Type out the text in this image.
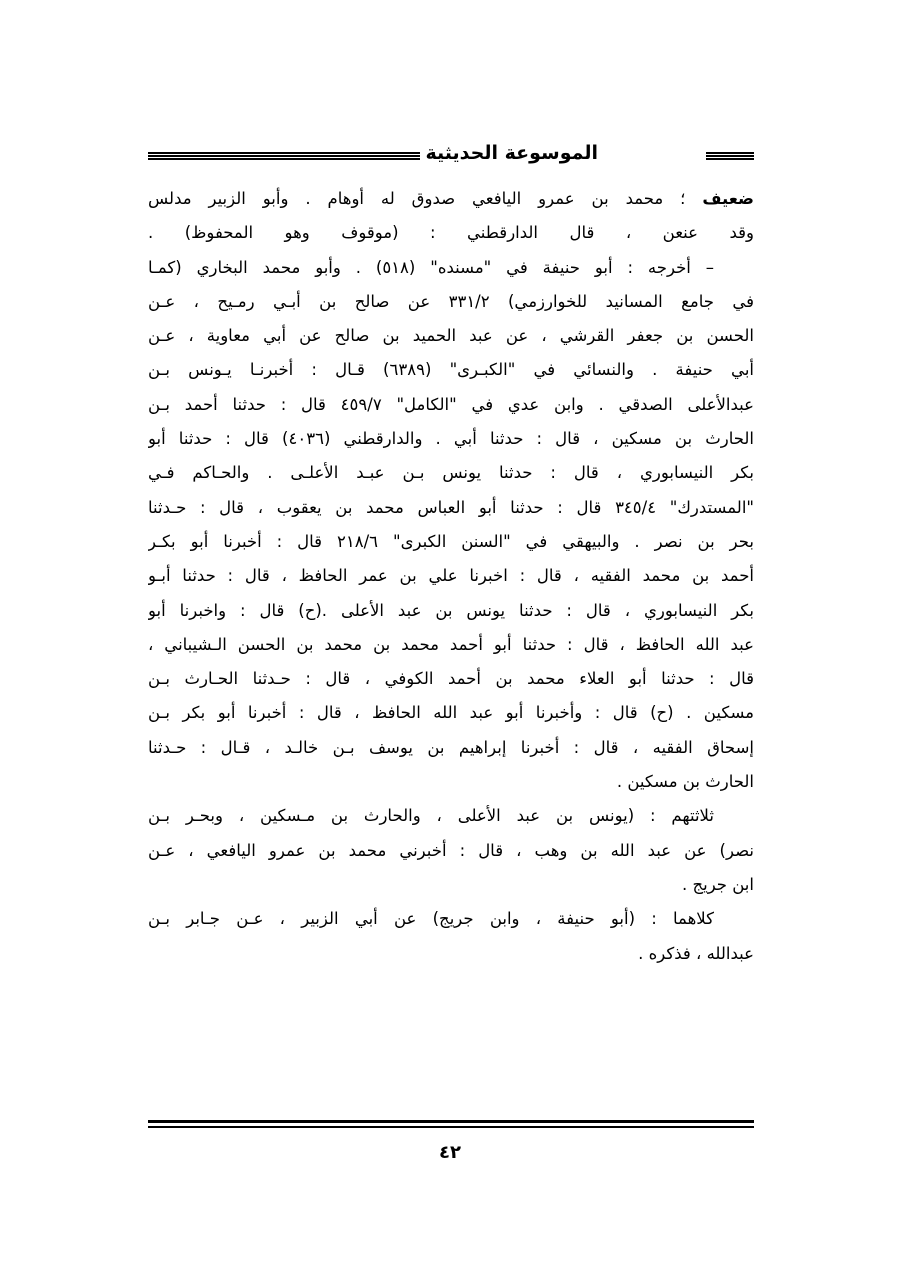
الموسوعة الحديثية
ضعيف ؛ محمد بن عمرو اليافعي صدوق له أوهام . وأبو الزبير مدلس
وقد عنعن ، قال الدارقطني : (موقوف وهو المحفوظ) .
– أخرجه : أبو حنيفة في "مسنده" (٥١٨) . وأبو محمد البخاري (كمـا
في جامع المسانيد للخوارزمي) ٣٣١/٢ عن صالح بن أبـي رمـيح ، عـن
الحسن بن جعفر القرشي ، عن عبد الحميد بن صالح عن أبي معاوية ، عـن
أبي حنيفة . والنسائي في "الكبـرى" (٦٣٨٩) قـال : أخبرنـا يـونس بـن
عبدالأعلى الصدقي . وابن عدي في "الكامل" ٤٥٩/٧ قال : حدثنا أحمد بـن
الحارث بن مسكين ، قال : حدثنا أبي . والدارقطني (٤٠٣٦) قال : حدثنا أبو
بكر النيسابوري ، قال : حدثنا يونس بـن عبـد الأعلـى . والحـاكم فـي
"المستدرك" ٣٤٥/٤ قال : حدثنا أبو العباس محمد بن يعقوب ، قال : حـدثنا
بحر بن نصر . والبيهقي في "السنن الكبرى" ٢١٨/٦ قال : أخبرنا أبو بكـر
أحمد بن محمد الفقيه ، قال : اخبرنا علي بن عمر الحافظ ، قال : حدثنا أبـو
بكر النيسابوري ، قال : حدثنا يونس بن عبد الأعلى .(ح) قال : واخبرنا أبو
عبد الله الحافظ ، قال : حدثنا أبو أحمد محمد بن محمد بن الحسن الـشيباني ،
قال : حدثنا أبو العلاء محمد بن أحمد الكوفي ، قال : حـدثنا الحـارث بـن
مسكين . (ح) قال : وأخبرنا أبو عبد الله الحافظ ، قال : أخبرنا أبو بكر بـن
إسحاق الفقيه ، قال : أخبرنا إبراهيم بن يوسف بـن خالـد ، قـال : حـدثنا
الحارث بن مسكين .
ثلاثتهم : (يونس بن عبد الأعلى ، والحارث بن مـسكين ، وبحـر بـن
نصر) عن عبد الله بن وهب ، قال : أخبرني محمد بن عمرو اليافعي ، عـن
ابن جريج .
كلاهما : (أبو حنيفة ، وابن جريج) عن أبي الزبير ، عـن جـابر بـن
عبدالله ، فذكره .
٤٢
